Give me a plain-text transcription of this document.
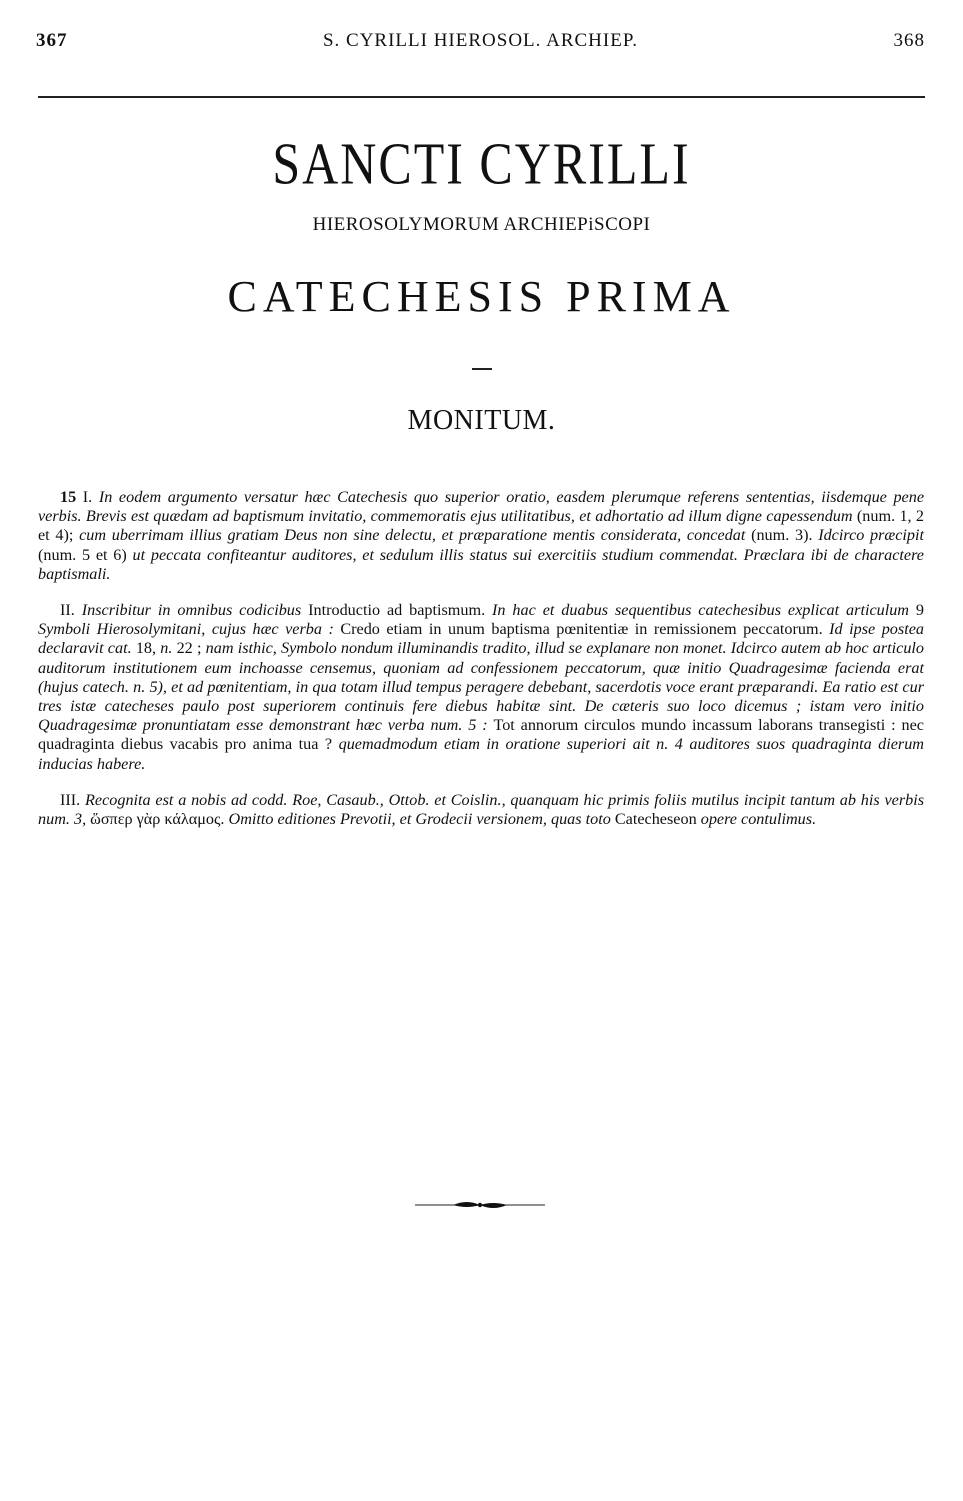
367	S. CYRILLI HIEROSOL. ARCHIEP.	368
SANCTI CYRILLI
HIEROSOLYMORUM ARCHIEPiSCOPI
CATECHESIS PRIMA
MONITUM.

15 I. In eodem argumento versatur hæc Catechesis quo superior oratio, easdem plerumque referens sententias, iisdemque pene verbis. Brevis est quædam ad baptismum invitatio, commemoratis ejus utilitatibus, et adhortatio ad illum digne capessendum (num. 1, 2 et 4); cum uberrimam illius gratiam Deus non sine delectu, et præparatione mentis considerata, concedat (num. 3). Idcirco præcipit (num. 5 et 6) ut peccata confiteantur auditores, et sedulum illis status sui exercitiis studium commendat. Præclara ibi de charactere baptismali.

II. Inscribitur in omnibus codicibus Introductio ad baptismum. In hac et duabus sequentibus catechesibus explicat articulum 9 Symboli Hierosolymitani, cujus hæc verba : Credo etiam in unum baptisma pœnitentiæ in remissionem peccatorum. Id ipse postea declaravit cat. 18, n. 22 ; nam isthic, Symbolo nondum illuminandis tradito, illud se explanare non monet. Idcirco autem ab hoc articulo auditorum institutionem eum inchoasse censemus, quoniam ad confessionem peccatorum, quæ initio Quadragesimæ facienda erat (hujus catech. n. 5), et ad pœnitentiam, in qua totam illud tempus peragere debebant, sacerdotis voce erant præparandi. Ea ratio est cur tres istæ catecheses paulo post superiorem continuis fere diebus habitæ sint. De cæteris suo loco dicemus ; istam vero initio Quadragesimæ pronuntiatam esse demonstrant hæc verba num. 5 : Tot annorum circulos mundo incassum laborans transegisti : nec quadraginta diebus vacabis pro anima tua ? quemadmodum etiam in oratione superiori ait n. 4 auditores suos quadraginta dierum inducias habere.

III. Recognita est a nobis ad codd. Roe, Casaub., Ottob. et Coislin., quanquam hic primis foliis mutilus incipit tantum ab his verbis num. 3, ὥσπερ γὰρ κάλαμος. Omitto editiones Prevotii, et Grodecii versionem, quas toto Catecheseon opere contulimus.
